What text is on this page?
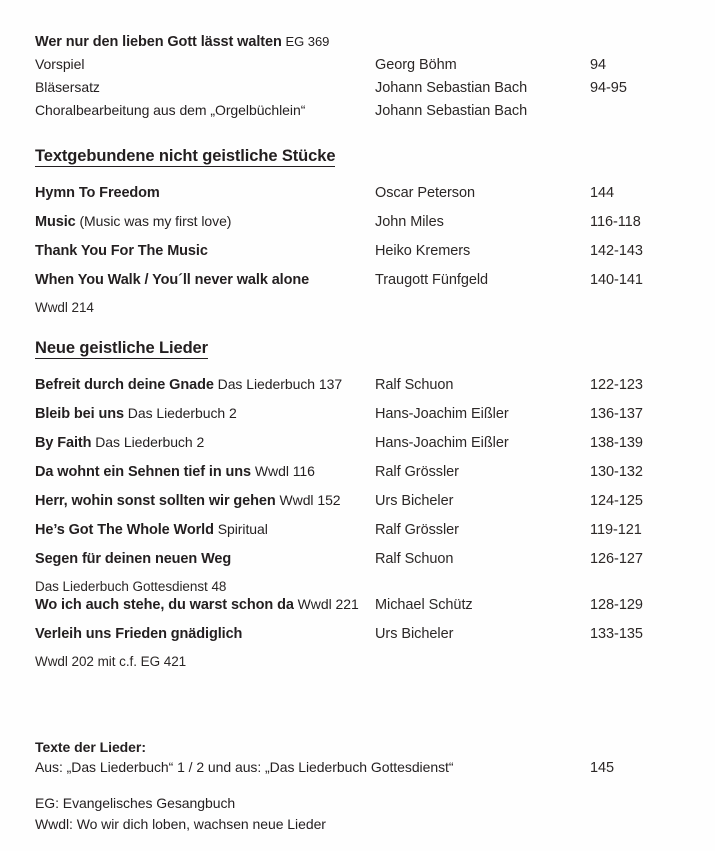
Wer nur den lieben Gott lässt walten EG 369
Vorspiel	Georg Böhm	94
Bläsersatz	Johann Sebastian Bach	94-95
Choralbearbeitung aus dem „Orgelbüchlein“	Johann Sebastian Bach
Textgebundene nicht geistliche Stücke
Hymn To Freedom	Oscar Peterson	144
Music (Music was my first love)	John Miles	116-118
Thank You For The Music	Heiko Kremers	142-143
When You Walk / You´ll never walk alone	Traugott Fünfgeld	140-141
Wwdl 214
Neue geistliche Lieder
Befreit durch deine Gnade Das Liederbuch 137	Ralf Schuon	122-123
Bleib bei uns Das Liederbuch 2	Hans-Joachim Eißler	136-137
By Faith Das Liederbuch 2	Hans-Joachim Eißler	138-139
Da wohnt ein Sehnen tief in uns Wwdl 116	Ralf Grössler	130-132
Herr, wohin sonst sollten wir gehen Wwdl 152	Urs Bicheler	124-125
He’s Got The Whole World Spiritual	Ralf Grössler	119-121
Segen für deinen neuen Weg	Ralf Schuon	126-127
Das Liederbuch Gottesdienst 48
Wo ich auch stehe, du warst schon da Wwdl 221	Michael Schütz	128-129
Verleih uns Frieden gnädiglich	Urs Bicheler	133-135
Wwdl 202 mit c.f. EG 421
Texte der Lieder:
Aus: „Das Liederbuch“ 1 / 2 und aus: „Das Liederbuch Gottesdienst“	145
EG: Evangelisches Gesangbuch
Wwdl: Wo wir dich loben, wachsen neue Lieder
